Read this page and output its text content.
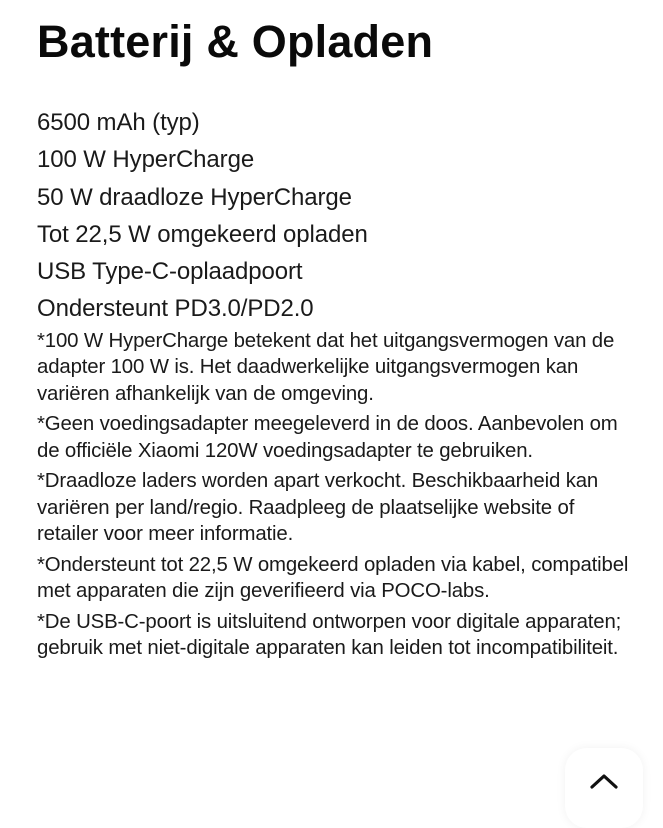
Batterij & Opladen
6500 mAh (typ)
100 W HyperCharge
50 W draadloze HyperCharge
Tot 22,5 W omgekeerd opladen
USB Type-C-oplaadpoort
Ondersteunt PD3.0/PD2.0

*100 W HyperCharge betekent dat het uitgangsvermogen van de adapter 100 W is. Het daadwerkelijke uitgangsvermogen kan variëren afhankelijk van de omgeving.

*Geen voedingsadapter meegeleverd in de doos. Aanbevolen om de officiële Xiaomi 120W voedingsadapter te gebruiken.

*Draadloze laders worden apart verkocht. Beschikbaarheid kan variëren per land/regio. Raadpleeg de plaatselijke website of retailer voor meer informatie.

*Ondersteunt tot 22,5 W omgekeerd opladen via kabel, compatibel met apparaten die zijn geverifieerd via POCO-labs.

*De USB-C-poort is uitsluitend ontworpen voor digitale apparaten; gebruik met niet-digitale apparaten kan leiden tot incompatibiliteit.
